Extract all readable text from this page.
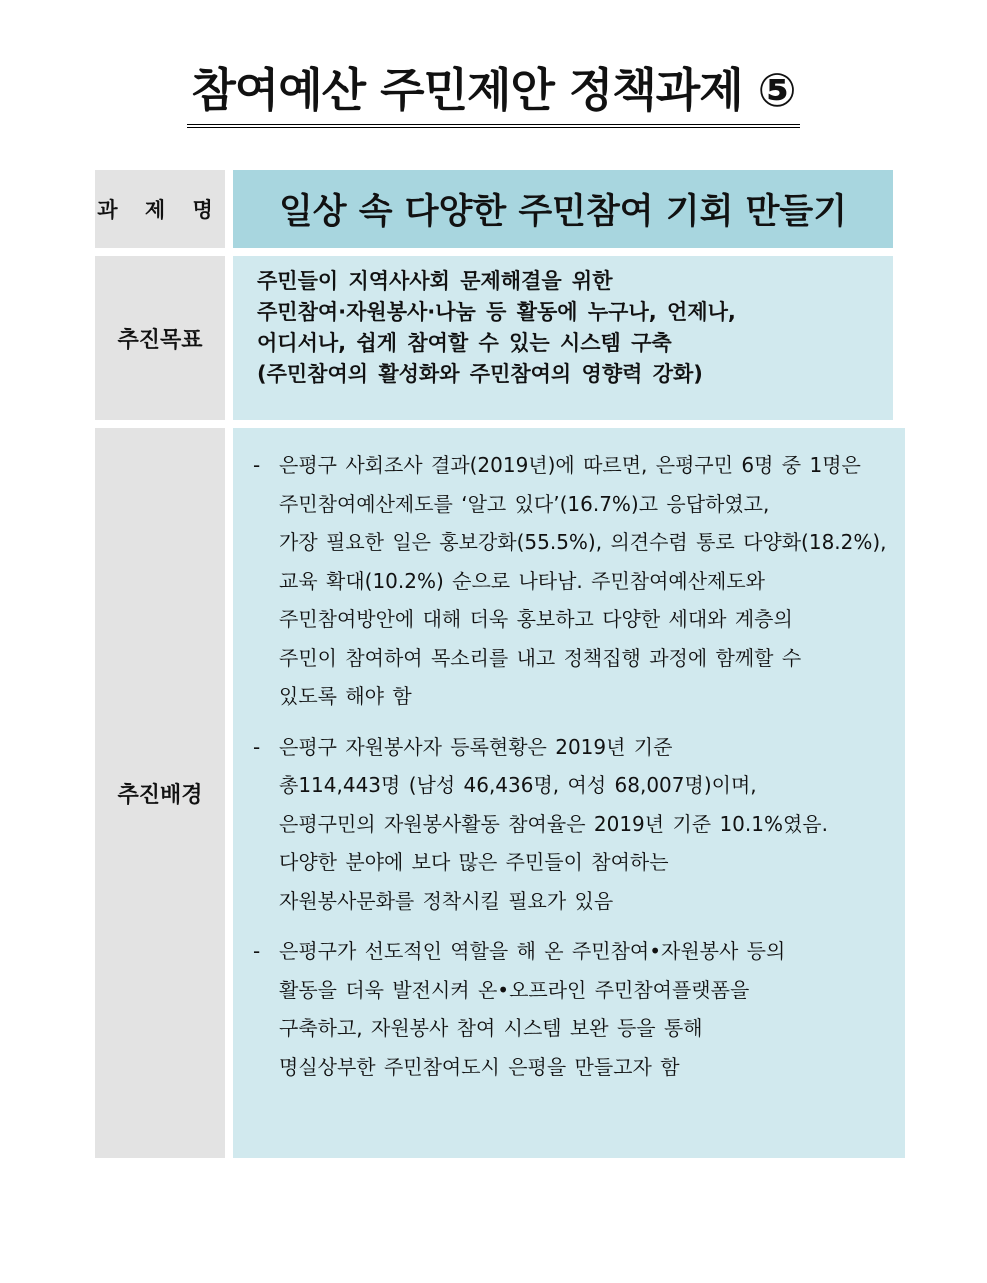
참여예산 주민제안 정책과제 ⑤
과 제 명	일상 속 다양한 주민참여 기회 만들기
추진목표
주민들이 지역사사회 문제해결을 위한
주민참여·자원봉사·나눔 등 활동에 누구나, 언제나,
어디서나, 쉽게 참여할 수 있는 시스템 구축
(주민참여의 활성화와 주민참여의 영향력 강화)
추진배경
- 은평구 사회조사 결과(2019년)에 따르면, 은평구민 6명 중 1명은
주민참여예산제도를 ‘알고 있다’(16.7%)고 응답하였고,
가장 필요한 일은 홍보강화(55.5%), 의견수렴 통로 다양화(18.2%),
교육 확대(10.2%) 순으로 나타남. 주민참여예산제도와
주민참여방안에 대해 더욱 홍보하고 다양한 세대와 계층의
주민이 참여하여 목소리를 내고 정책집행 과정에 함께할 수
있도록 해야 함
- 은평구 자원봉사자 등록현황은 2019년 기준
총114,443명 (남성 46,436명, 여성 68,007명)이며,
은평구민의 자원봉사활동 참여율은 2019년 기준 10.1%였음.
다양한 분야에 보다 많은 주민들이 참여하는
자원봉사문화를 정착시킬 필요가 있음
- 은평구가 선도적인 역할을 해 온 주민참여•자원봉사 등의
활동을 더욱 발전시켜 온•오프라인 주민참여플랫폼을
구축하고, 자원봉사 참여 시스템 보완 등을 통해
명실상부한 주민참여도시 은평을 만들고자 함
